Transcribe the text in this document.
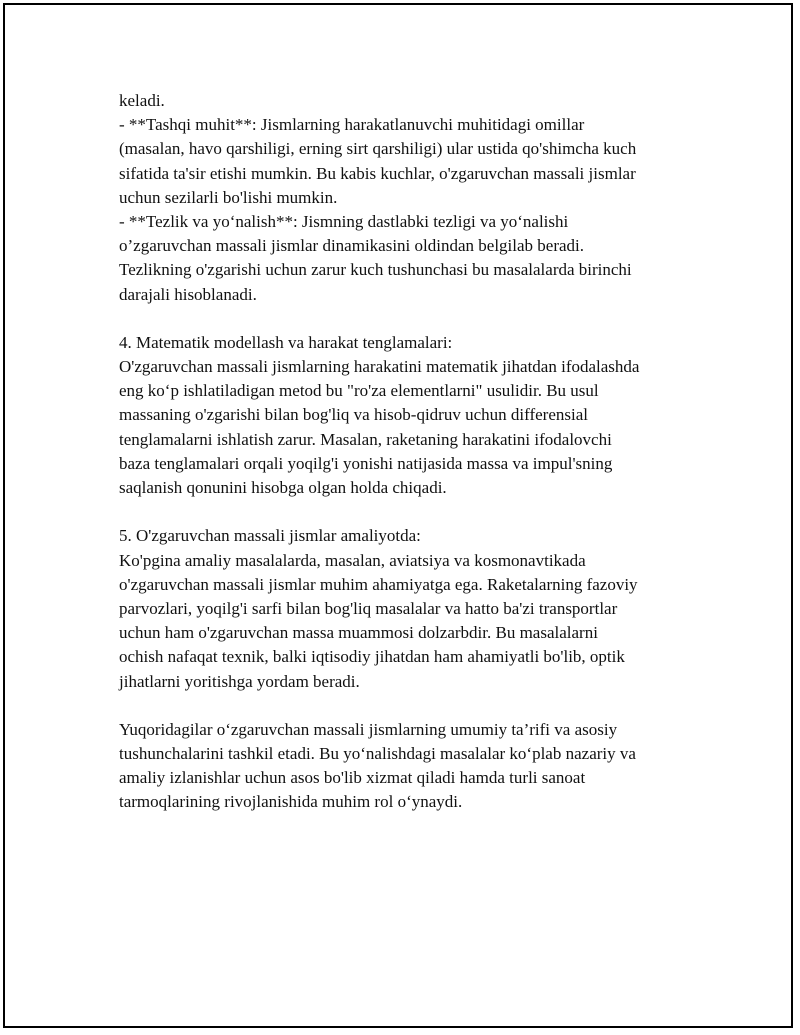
keladi.
- **Tashqi muhit**: Jismlarning harakatlanuvchi muhitidagi omillar
(masalan, havo qarshiligi, erning sirt qarshiligi) ular ustida qo'shimcha kuch
sifatida ta'sir etishi mumkin. Bu kabis kuchlar, o'zgaruvchan massali jismlar
uchun sezilarli bo'lishi mumkin.
- **Tezlik va yo‘nalish**: Jismning dastlabki tezligi va yo‘nalishi
o’zgaruvchan massali jismlar dinamikasini oldindan belgilab beradi.
Tezlikning o'zgarishi uchun zarur kuch tushunchasi bu masalalarda birinchi
darajali hisoblanadi.
4. Matematik modellash va harakat tenglamalari:
O'zgaruvchan massali jismlarning harakatini matematik jihatdan ifodalashda
eng ko‘p ishlatiladigan metod bu "ro'za elementlarni" usulidir. Bu usul
massaning o'zgarishi bilan bog'liq va hisob-qidruv uchun differensial
tenglamalarni ishlatish zarur. Masalan, raketaning harakatini ifodalovchi
baza tenglamalari orqali yoqilg'i yonishi natijasida massa va impul'sning
saqlanish qonunini hisobga olgan holda chiqadi.
5. O'zgaruvchan massali jismlar amaliyotda:
Ko'pgina amaliy masalalarda, masalan, aviatsiya va kosmonavtikada
o'zgaruvchan massali jismlar muhim ahamiyatga ega. Raketalarning fazoviy
parvozlari, yoqilg'i sarfi bilan bog'liq masalalar va hatto ba'zi transportlar
uchun ham o'zgaruvchan massa muammosi dolzarbdir. Bu masalalarni
ochish nafaqat texnik, balki iqtisodiy jihatdan ham ahamiyatli bo'lib, optik
jihatlarni yoritishga yordam beradi.
Yuqoridagilar o‘zgaruvchan massali jismlarning umumiy ta’rifi va asosiy
tushunchalarini tashkil etadi. Bu yo‘nalishdagi masalalar ko‘plab nazariy va
amaliy izlanishlar uchun asos bo'lib xizmat qiladi hamda turli sanoat
tarmoqlarining rivojlanishida muhim rol o‘ynaydi.
